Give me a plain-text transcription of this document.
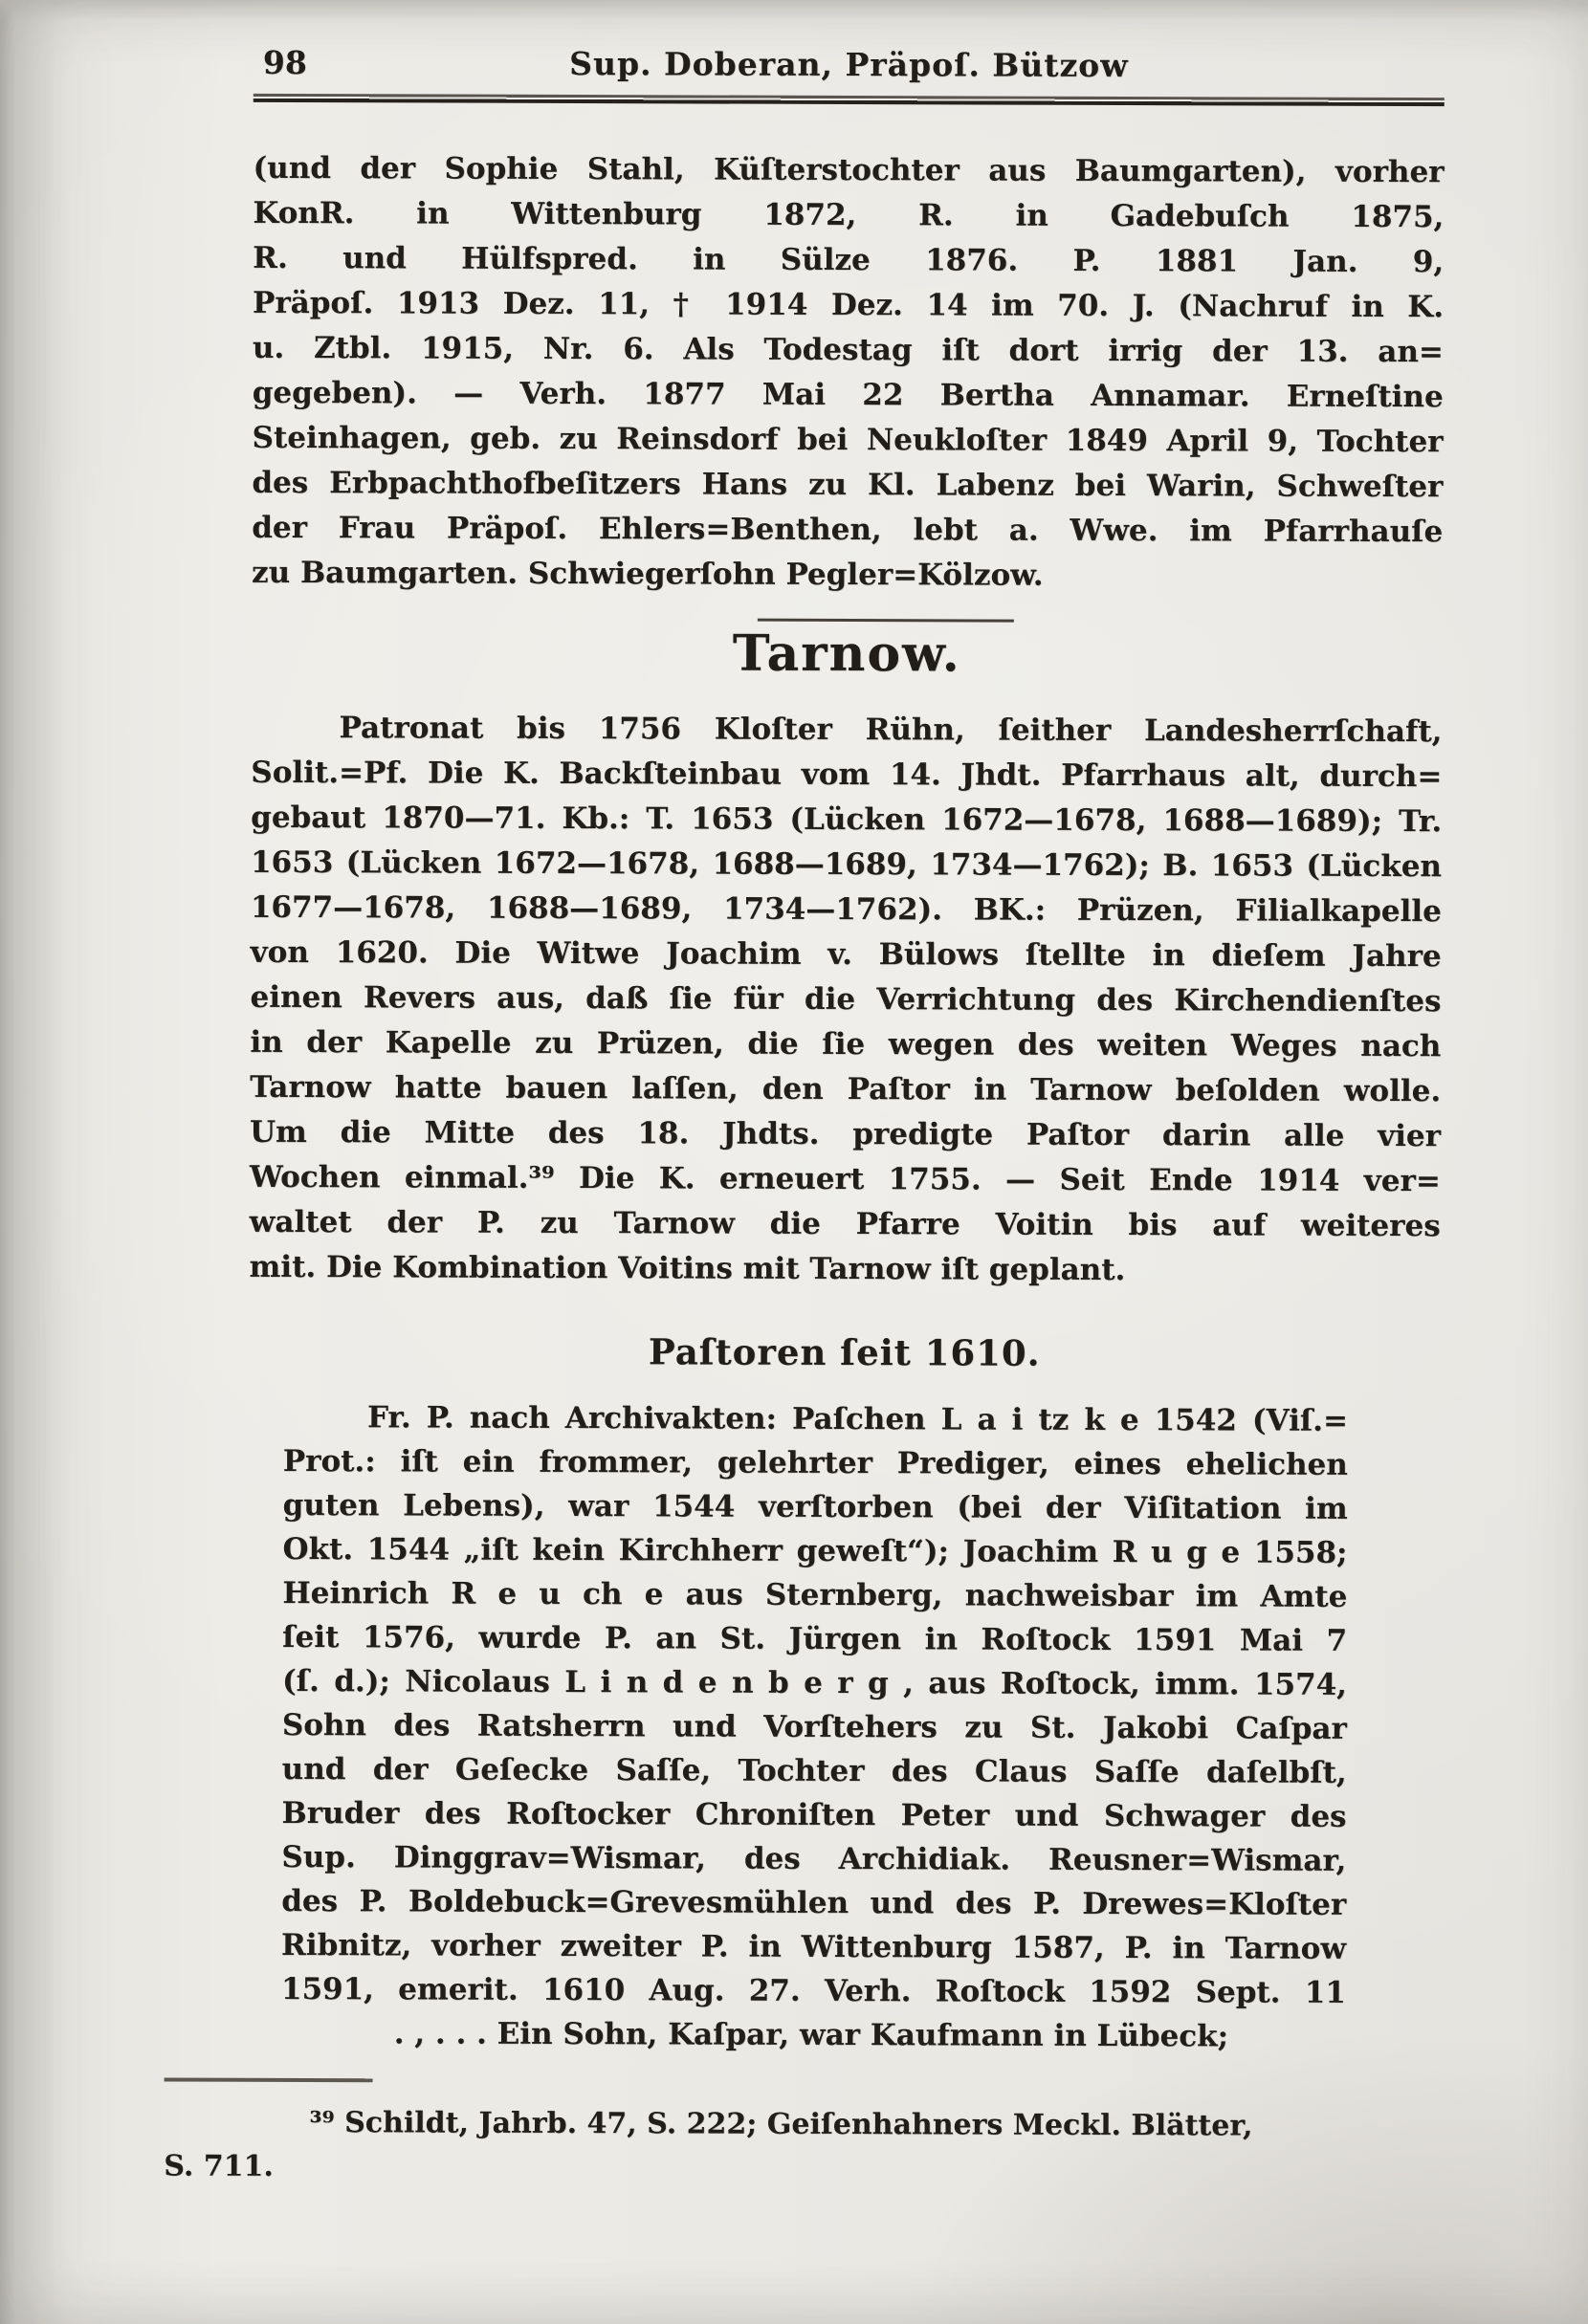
98	Sup. Doberan, Präpoſ. Bützow
(und der Sophie Stahl, Küſterstochter aus Baumgarten), vorher
KonR. in Wittenburg 1872, R. in Gadebuſch 1875,
R. und Hülfspred. in Sülze 1876. P. 1881 Jan. 9,
Präpoſ. 1913 Dez. 11, † 1914 Dez. 14 im 70. J. (Nachruf in K.
u. Ztbl. 1915, Nr. 6. Als Todestag iſt dort irrig der 13. an=
gegeben). — Verh. 1877 Mai 22 Bertha Annamar. Erneſtine
Steinhagen, geb. zu Reinsdorf bei Neukloſter 1849 April 9, Tochter
des Erbpachthofbeſitzers Hans zu Kl. Labenz bei Warin, Schweſter
der Frau Präpoſ. Ehlers=Benthen, lebt a. Wwe. im Pfarrhauſe
zu Baumgarten. Schwiegerſohn Pegler=Kölzow.
Tarnow.
Patronat bis 1756 Kloſter Rühn, ſeither Landesherrſchaft,
Solit.=Pf. Die K. Backſteinbau vom 14. Jhdt. Pfarrhaus alt, durch=
gebaut 1870—71. Kb.: T. 1653 (Lücken 1672—1678, 1688—1689); Tr.
1653 (Lücken 1672—1678, 1688—1689, 1734—1762); B. 1653 (Lücken
1677—1678, 1688—1689, 1734—1762). BK.: Prüzen, Filialkapelle
von 1620. Die Witwe Joachim v. Bülows ſtellte in dieſem Jahre
einen Revers aus, daß ſie für die Verrichtung des Kirchendienſtes
in der Kapelle zu Prüzen, die ſie wegen des weiten Weges nach
Tarnow hatte bauen laſſen, den Paſtor in Tarnow beſolden wolle.
Um die Mitte des 18. Jhdts. predigte Paſtor darin alle vier
Wochen einmal.³⁹ Die K. erneuert 1755. — Seit Ende 1914 ver=
waltet der P. zu Tarnow die Pfarre Voitin bis auf weiteres
mit. Die Kombination Voitins mit Tarnow iſt geplant.
Paſtoren ſeit 1610.
Fr. P. nach Archivakten: Paſchen L a i tz k e 1542 (Viſ.=
Prot.: iſt ein frommer, gelehrter Prediger, eines ehelichen
guten Lebens), war 1544 verſtorben (bei der Viſitation im
Okt. 1544 „iſt kein Kirchherr geweſt“); Joachim R u g e 1558;
Heinrich R e u ch e aus Sternberg, nachweisbar im Amte
ſeit 1576, wurde P. an St. Jürgen in Roſtock 1591 Mai 7
(ſ. d.); Nicolaus L i n d e n b e r g , aus Roſtock, imm. 1574,
Sohn des Ratsherrn und Vorſtehers zu St. Jakobi Caſpar
und der Geſecke Saſſe, Tochter des Claus Saſſe daſelbſt,
Bruder des Roſtocker Chroniſten Peter und Schwager des
Sup. Dinggrav=Wismar, des Archidiak. Reusner=Wismar,
des P. Boldebuck=Grevesmühlen und des P. Drewes=Kloſter
Ribnitz, vorher zweiter P. in Wittenburg 1587, P. in Tarnow
1591, emerit. 1610 Aug. 27. Verh. Roſtock 1592 Sept. 11
. , . . . Ein Sohn, Kaſpar, war Kaufmann in Lübeck;
³⁹ Schildt, Jahrb. 47, S. 222; Geiſenhahners Meckl. Blätter,
S. 711.
